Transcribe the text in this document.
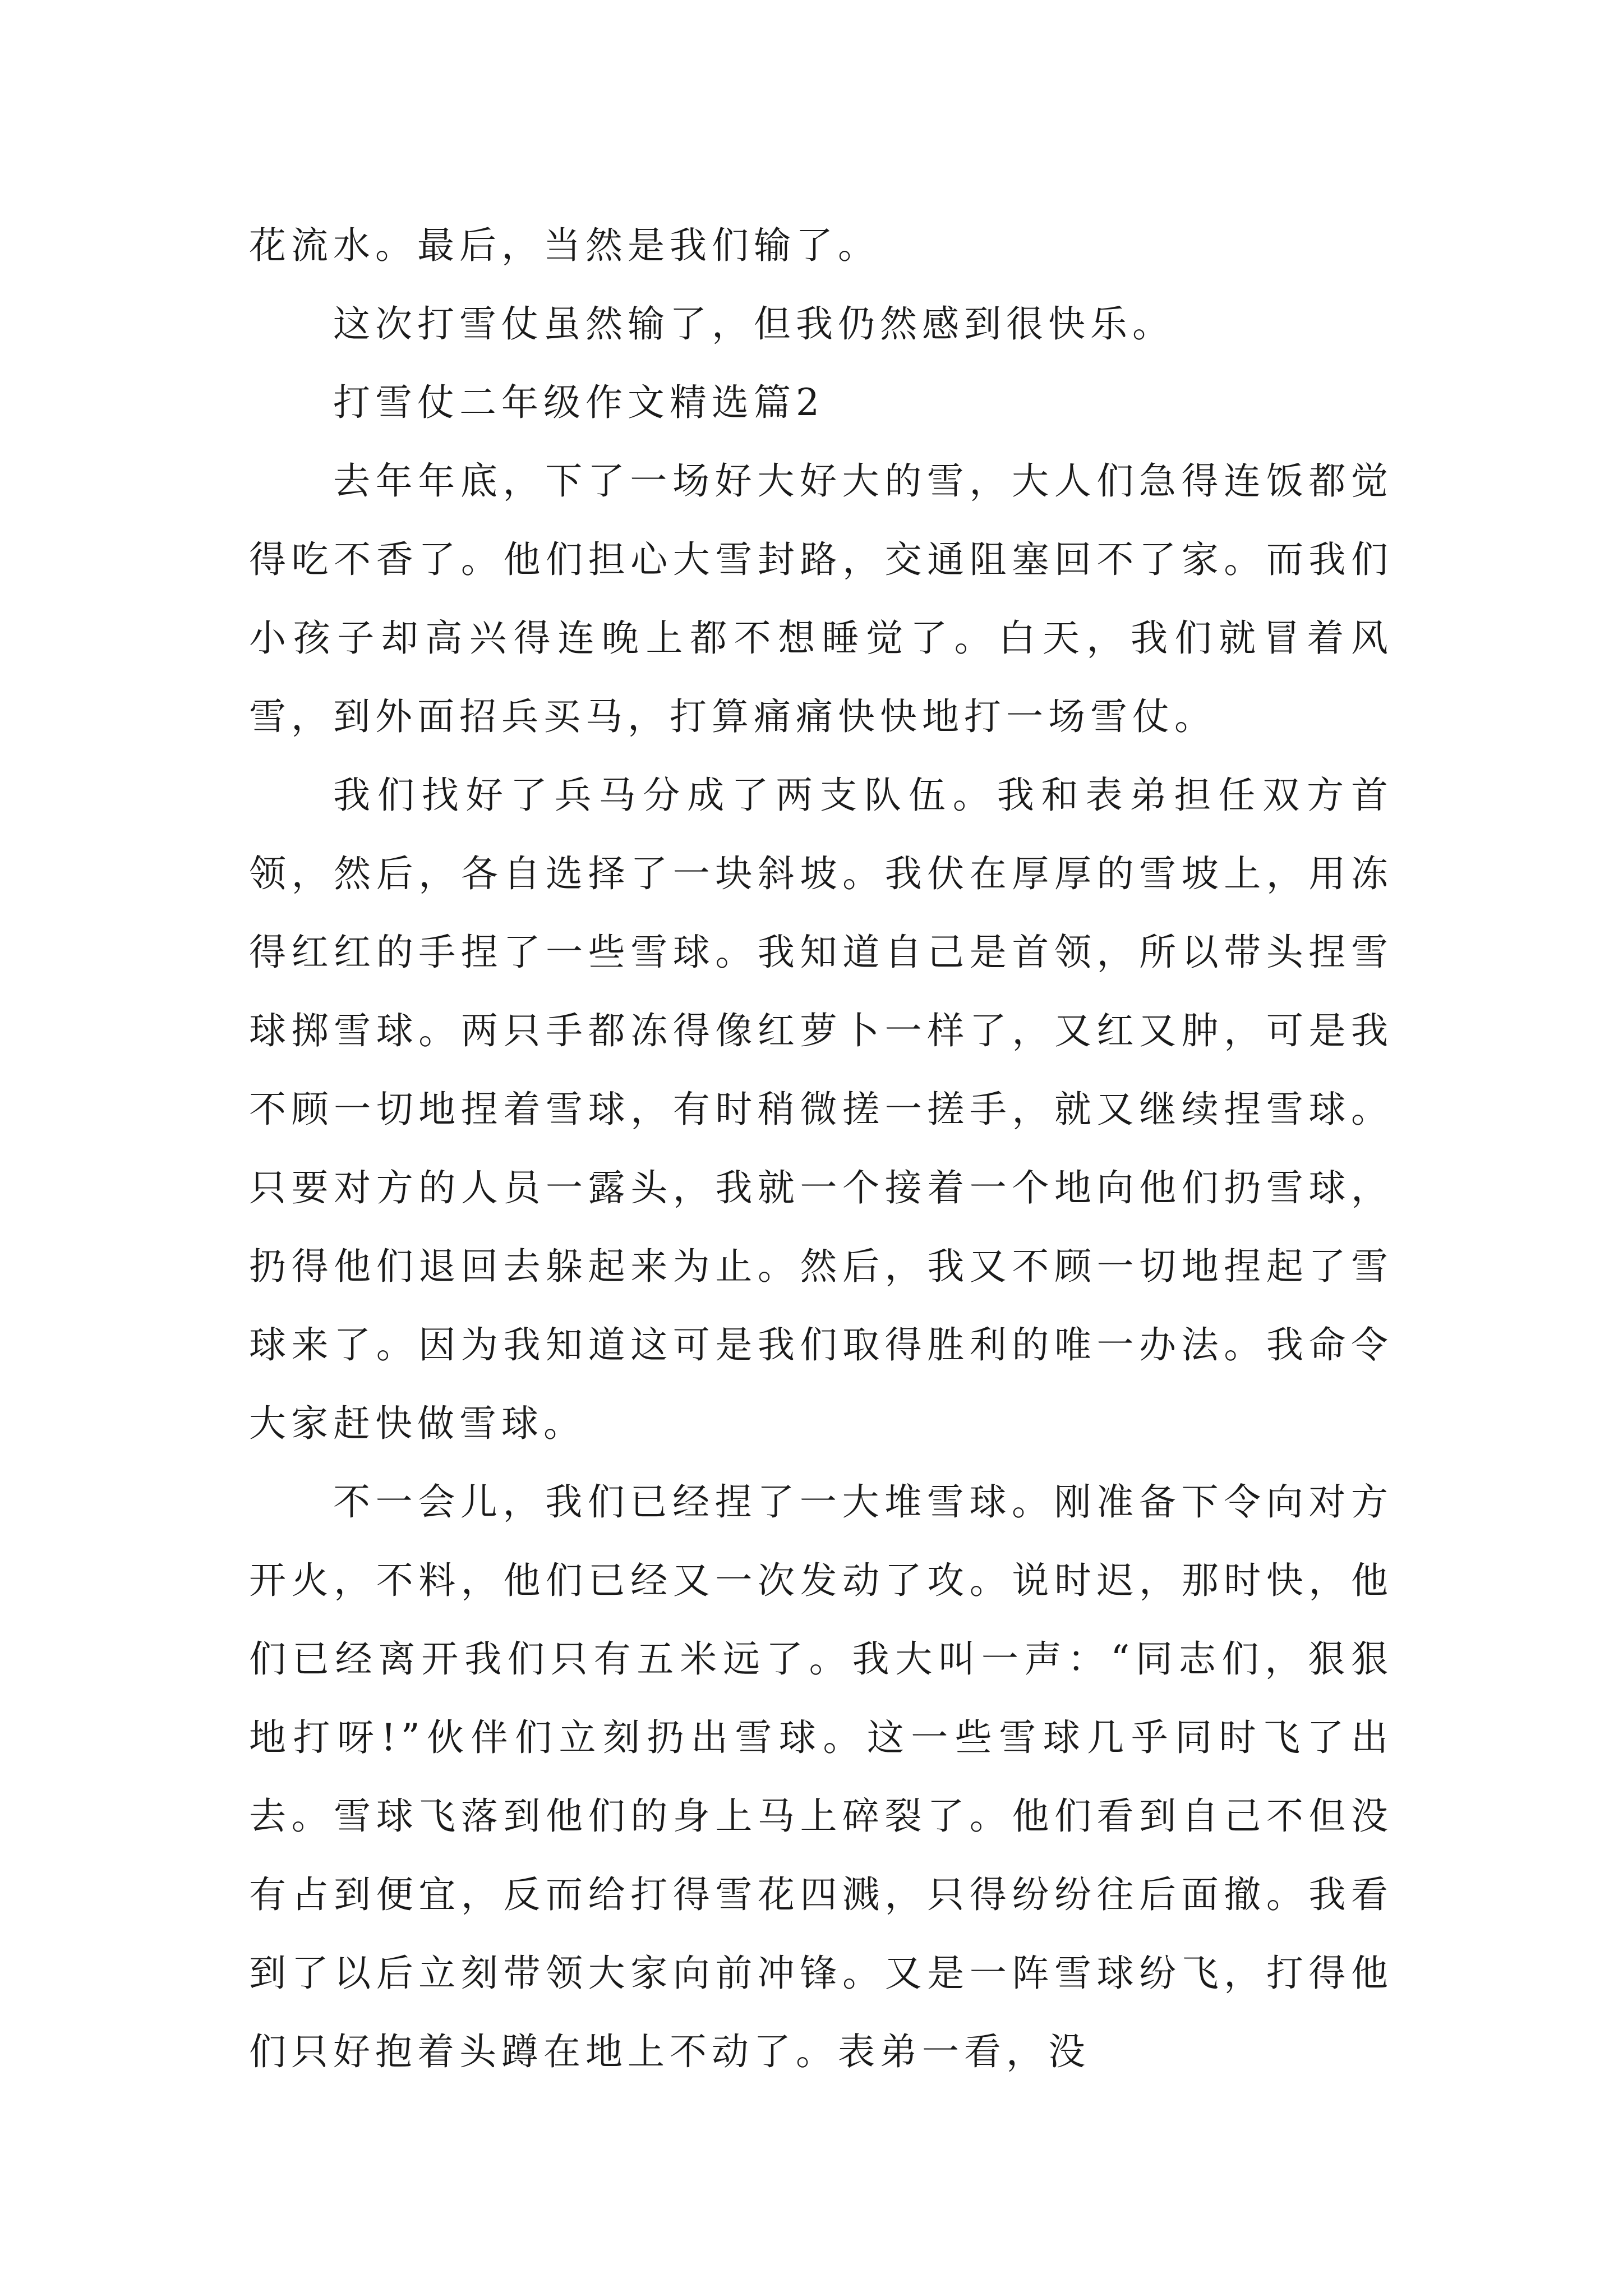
花流水。最后，当然是我们输了。

这次打雪仗虽然输了，但我仍然感到很快乐。

打雪仗二年级作文精选篇2

去年年底，下了一场好大好大的雪，大人们急得连饭都觉得吃不香了。他们担心大雪封路，交通阻塞回不了家。而我们小孩子却高兴得连晚上都不想睡觉了。白天，我们就冒着风雪，到外面招兵买马，打算痛痛快快地打一场雪仗。

我们找好了兵马分成了两支队伍。我和表弟担任双方首领，然后，各自选择了一块斜坡。我伏在厚厚的雪坡上，用冻得红红的手捏了一些雪球。我知道自己是首领，所以带头捏雪球掷雪球。两只手都冻得像红萝卜一样了，又红又肿，可是我不顾一切地捏着雪球，有时稍微搓一搓手，就又继续捏雪球。只要对方的人员一露头，我就一个接着一个地向他们扔雪球，扔得他们退回去躲起来为止。然后，我又不顾一切地捏起了雪球来了。因为我知道这可是我们取得胜利的唯一办法。我命令大家赶快做雪球。

不一会儿，我们已经捏了一大堆雪球。刚准备下令向对方开火，不料，他们已经又一次发动了攻。说时迟，那时快，他们已经离开我们只有五米远了。我大叫一声：“同志们，狠狠地打呀!”伙伴们立刻扔出雪球。这一些雪球几乎同时飞了出去。雪球飞落到他们的身上马上碎裂了。他们看到自己不但没有占到便宜，反而给打得雪花四溅，只得纷纷往后面撤。我看到了以后立刻带领大家向前冲锋。又是一阵雪球纷飞，打得他们只好抱着头蹲在地上不动了。表弟一看，没
